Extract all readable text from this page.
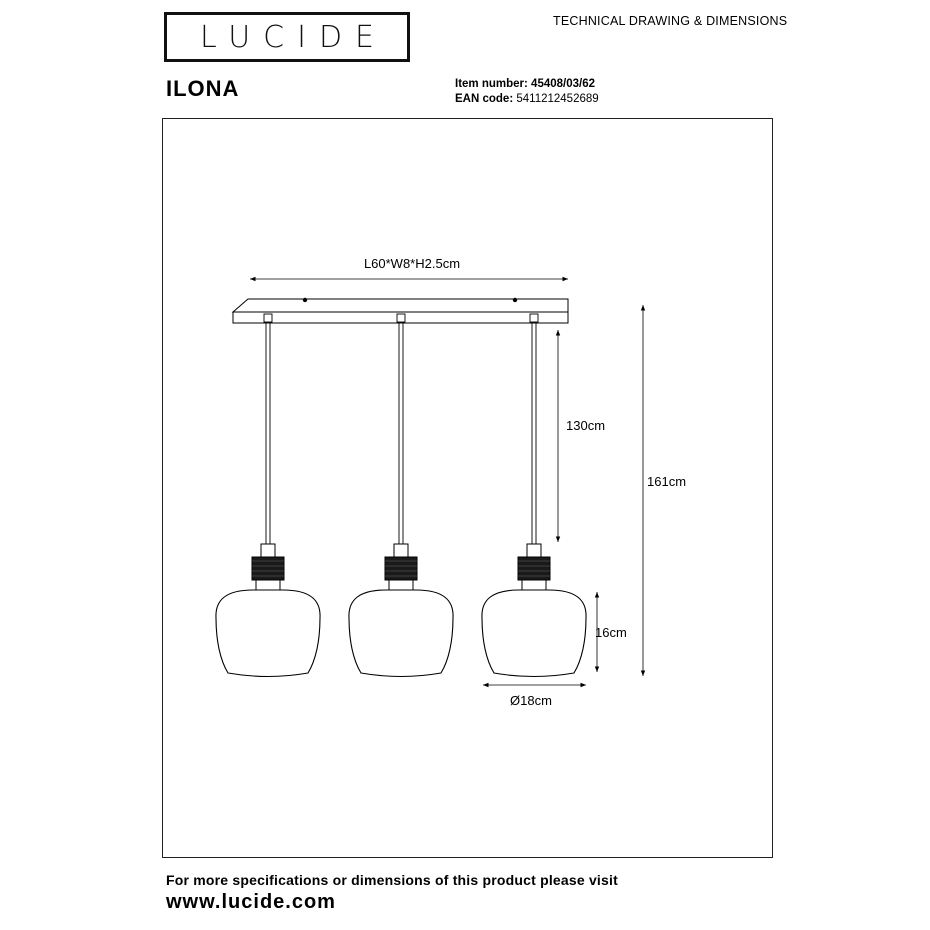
LUCIDE	TECHNICAL DRAWING & DIMENSIONS
ILONA	Item number: 45408/03/62
EAN code: 5411212452689
L60*W8*H2.5cm
130cm
161cm
16cm
Ø18cm
For more specifications or dimensions of this product please visit
www.lucide.com
